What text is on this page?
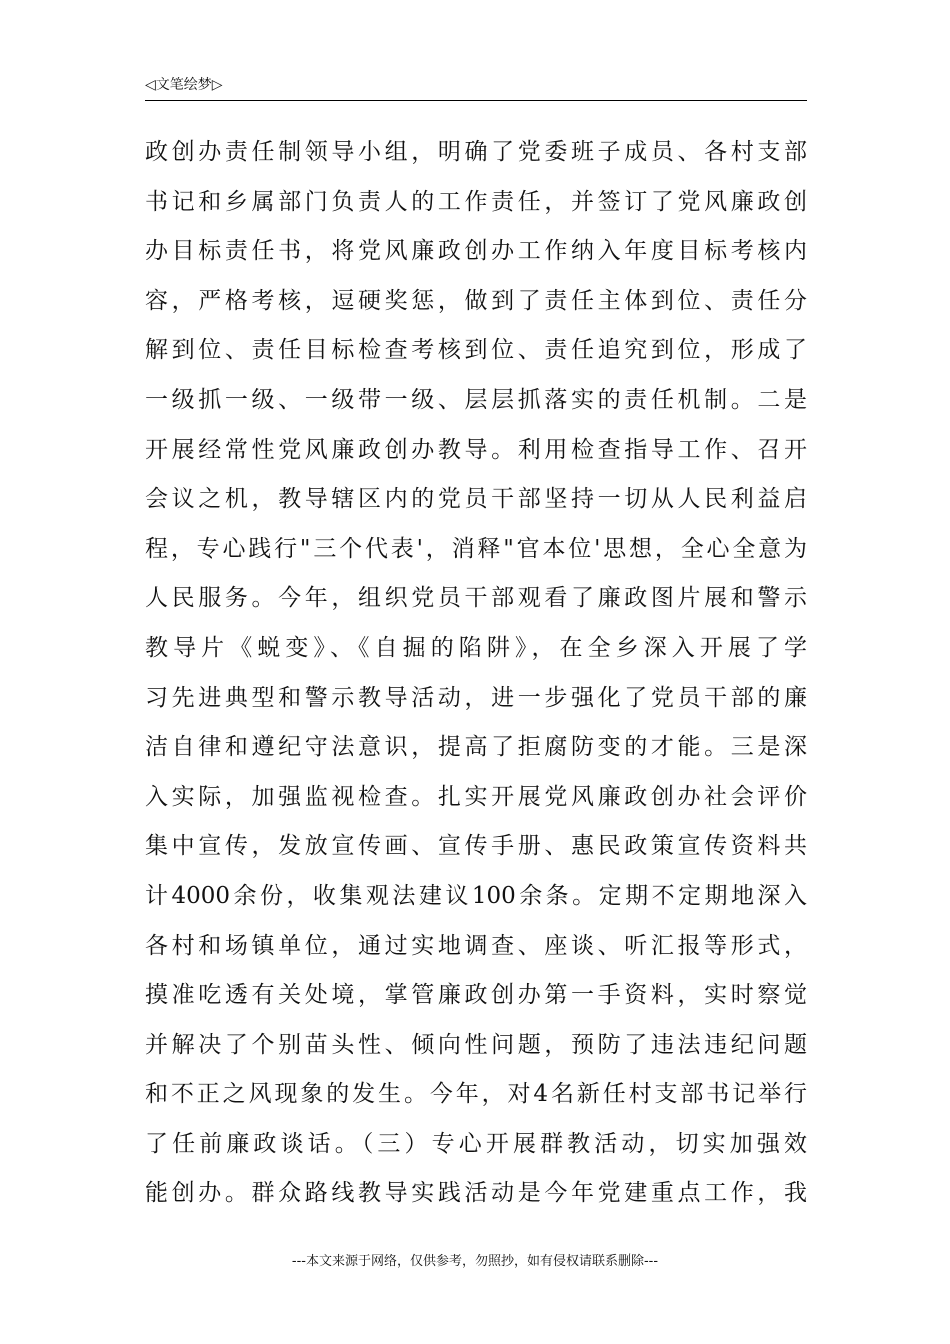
◁文笔绘梦▷
政创办责任制领导小组，明确了党委班子成员、各村支部
书记和乡属部门负责人的工作责任，并签订了党风廉政创
办目标责任书，将党风廉政创办工作纳入年度目标考核内
容，严格考核，逗硬奖惩，做到了责任主体到位、责任分
解到位、责任目标检查考核到位、责任追究到位，形成了
一级抓一级、一级带一级、层层抓落实的责任机制。二是
开展经常性党风廉政创办教导。利用检查指导工作、召开
会议之机，教导辖区内的党员干部坚持一切从人民利益启
程，专心践行"三个代表'，消释"官本位'思想，全心全意为
人民服务。今年，组织党员干部观看了廉政图片展和警示
教导片《蜕变》、《自掘的陷阱》，在全乡深入开展了学
习先进典型和警示教导活动，进一步强化了党员干部的廉
洁自律和遵纪守法意识，提高了拒腐防变的才能。三是深
入实际，加强监视检查。扎实开展党风廉政创办社会评价
集中宣传，发放宣传画、宣传手册、惠民政策宣传资料共
计4000余份，收集观法建议100余条。定期不定期地深入
各村和场镇单位，通过实地调查、座谈、听汇报等形式，
摸准吃透有关处境，掌管廉政创办第一手资料，实时察觉
并解决了个别苗头性、倾向性问题，预防了违法违纪问题
和不正之风现象的发生。今年，对4名新任村支部书记举行
了任前廉政谈话。（三）专心开展群教活动，切实加强效
能创办。群众路线教导实践活动是今年党建重点工作，我
---本文来源于网络，仅供参考，勿照抄，如有侵权请联系删除---
